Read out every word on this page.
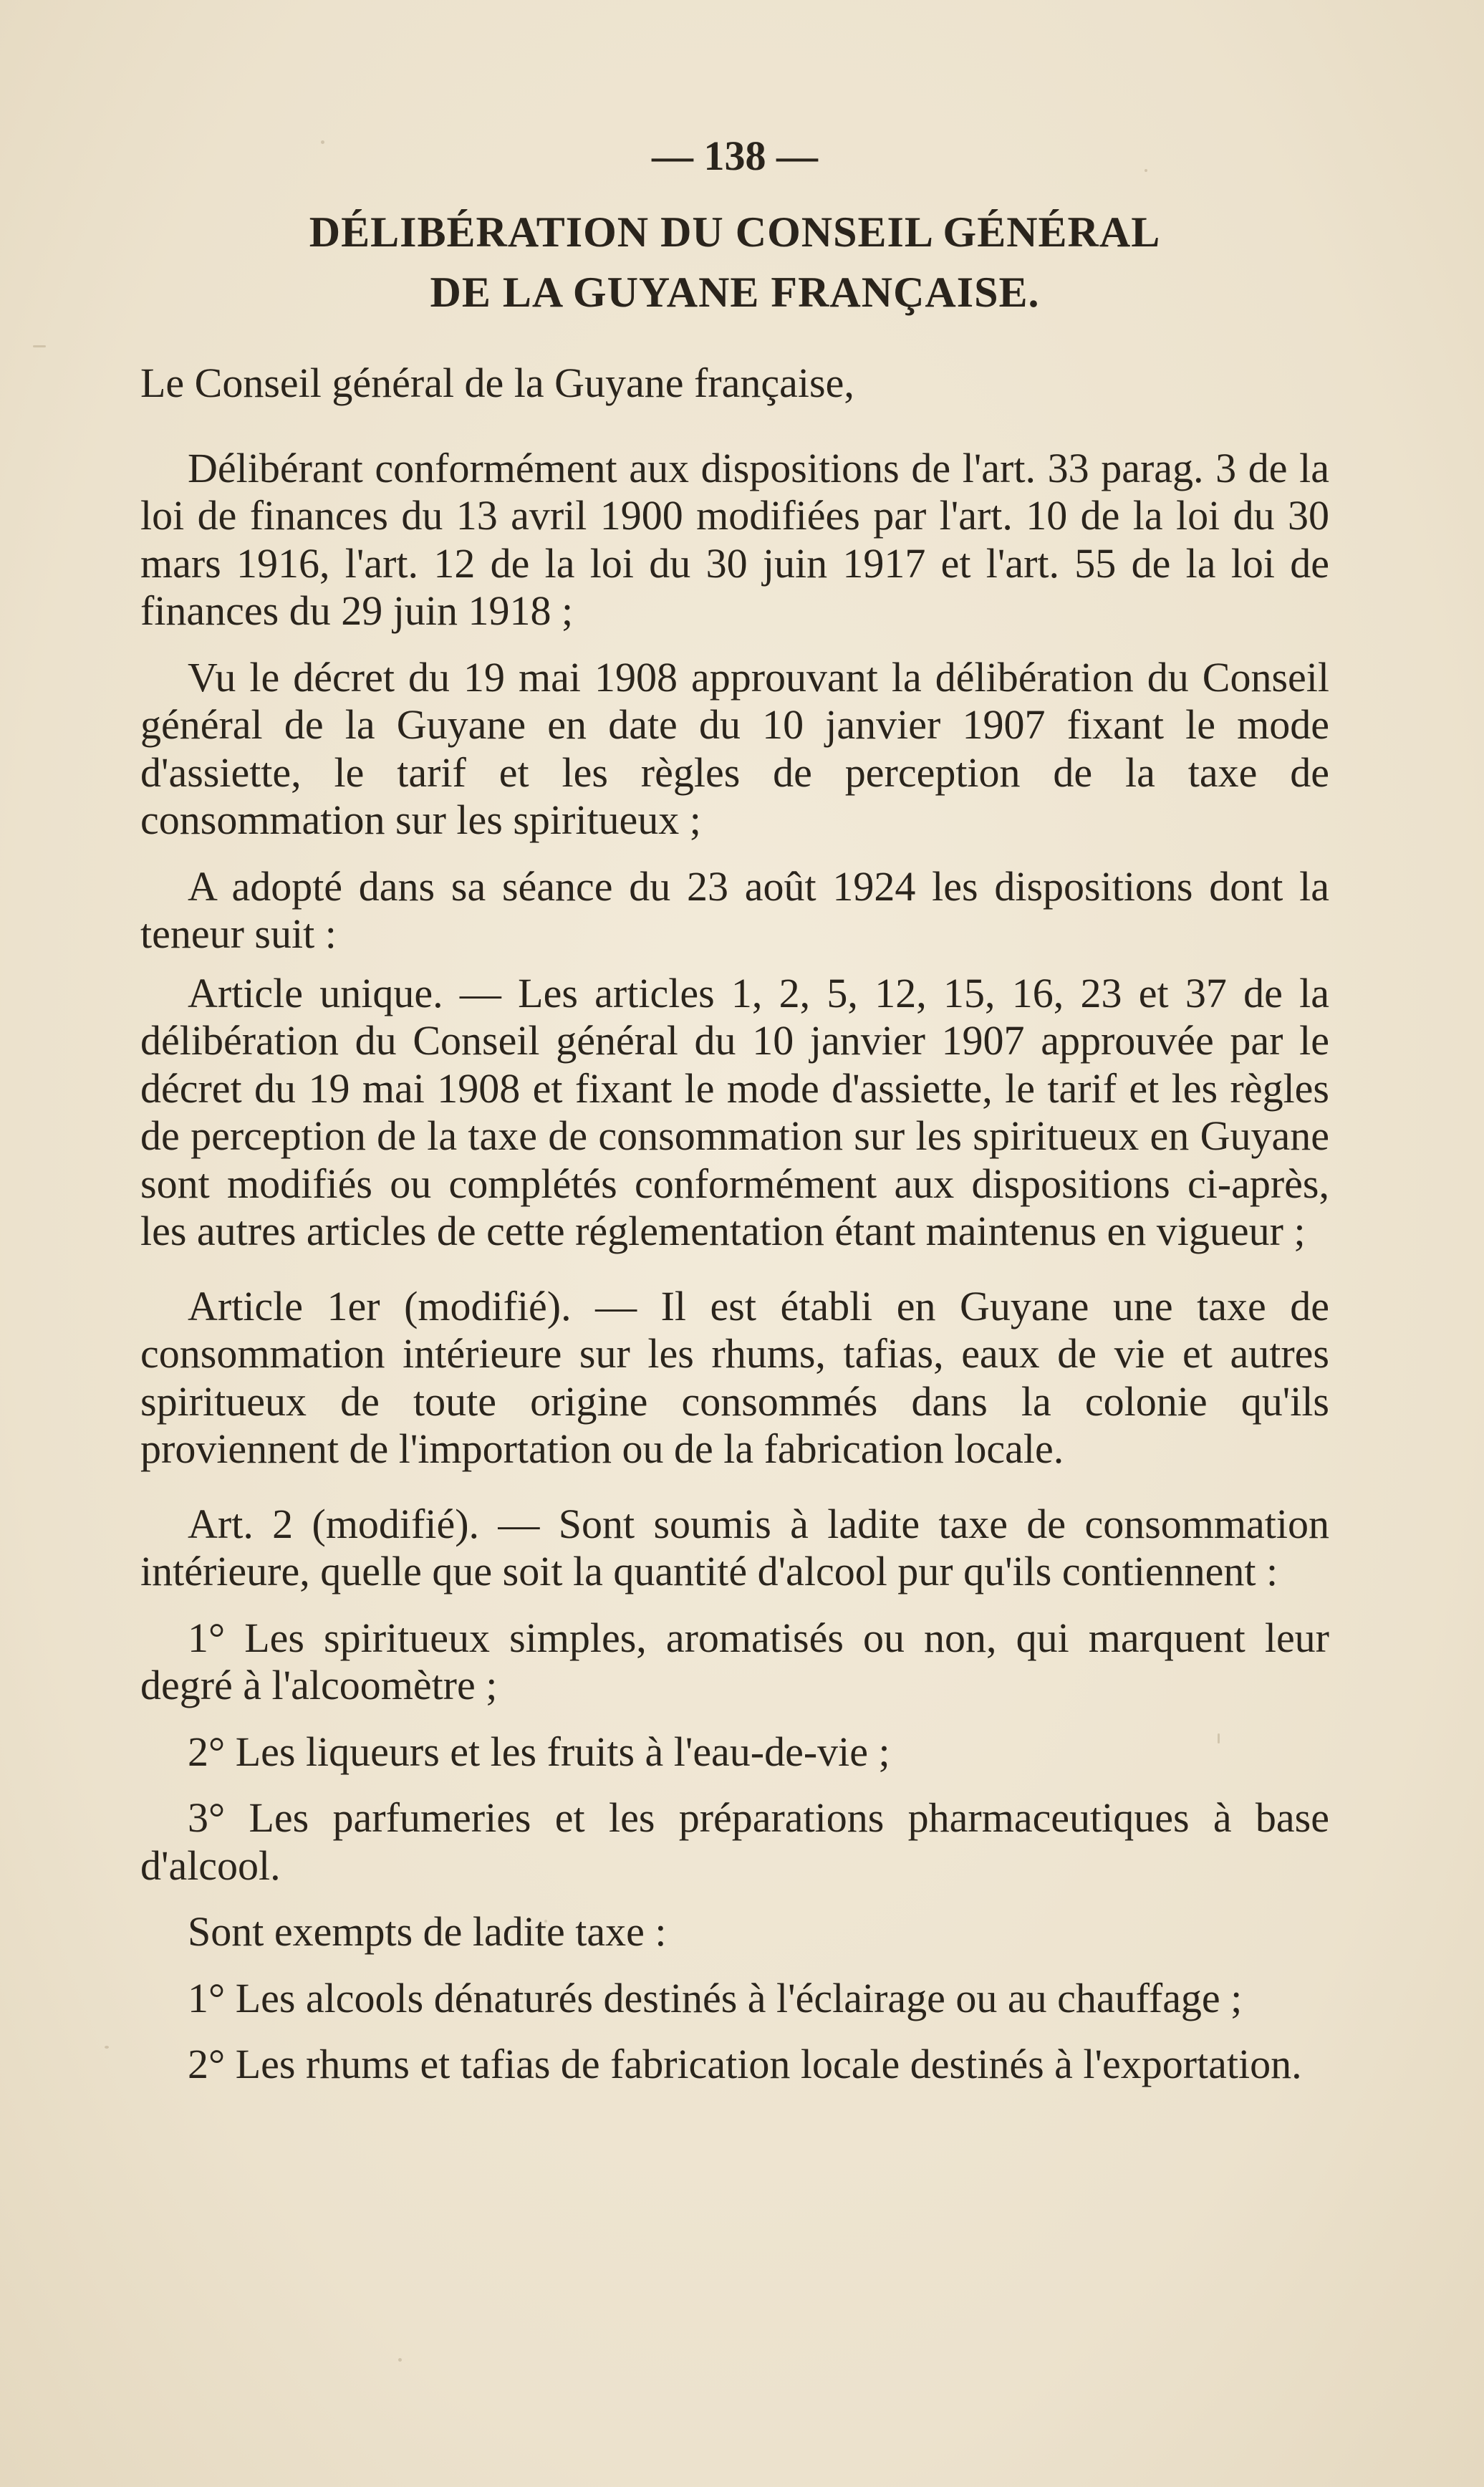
— 138 —
DÉLIBÉRATION DU CONSEIL GÉNÉRAL
DE LA GUYANE FRANÇAISE.

Le Conseil général de la Guyane française,

Délibérant conformément aux dispositions de l'art. 33 parag. 3 de la loi de finances du 13 avril 1900 modifiées par l'art. 10 de la loi du 30 mars 1916, l'art. 12 de la loi du 30 juin 1917 et l'art. 55 de la loi de finances du 29 juin 1918 ;

Vu le décret du 19 mai 1908 approuvant la délibération du Conseil général de la Guyane en date du 10 janvier 1907 fixant le mode d'assiette, le tarif et les règles de perception de la taxe de consommation sur les spiritueux ;

A adopté dans sa séance du 23 août 1924 les dispositions dont la teneur suit :

Article unique. — Les articles 1, 2, 5, 12, 15, 16, 23 et 37 de la délibération du Conseil général du 10 janvier 1907 approuvée par le décret du 19 mai 1908 et fixant le mode d'assiette, le tarif et les règles de perception de la taxe de consommation sur les spiritueux en Guyane sont modifiés ou complétés conformément aux dispositions ci-après, les autres articles de cette réglementation étant maintenus en vigueur ;

Article 1er (modifié). — Il est établi en Guyane une taxe de consommation intérieure sur les rhums, tafias, eaux de vie et autres spiritueux de toute origine consommés dans la colonie qu'ils proviennent de l'importation ou de la fabrication locale.

Art. 2 (modifié). — Sont soumis à ladite taxe de consommation intérieure, quelle que soit la quantité d'alcool pur qu'ils contiennent :

1° Les spiritueux simples, aromatisés ou non, qui marquent leur degré à l'alcoomètre ;

2° Les liqueurs et les fruits à l'eau-de-vie ;

3° Les parfumeries et les préparations pharmaceutiques à base d'alcool.

Sont exempts de ladite taxe :

1° Les alcools dénaturés destinés à l'éclairage ou au chauffage ;

2° Les rhums et tafias de fabrication locale destinés à l'exportation.
